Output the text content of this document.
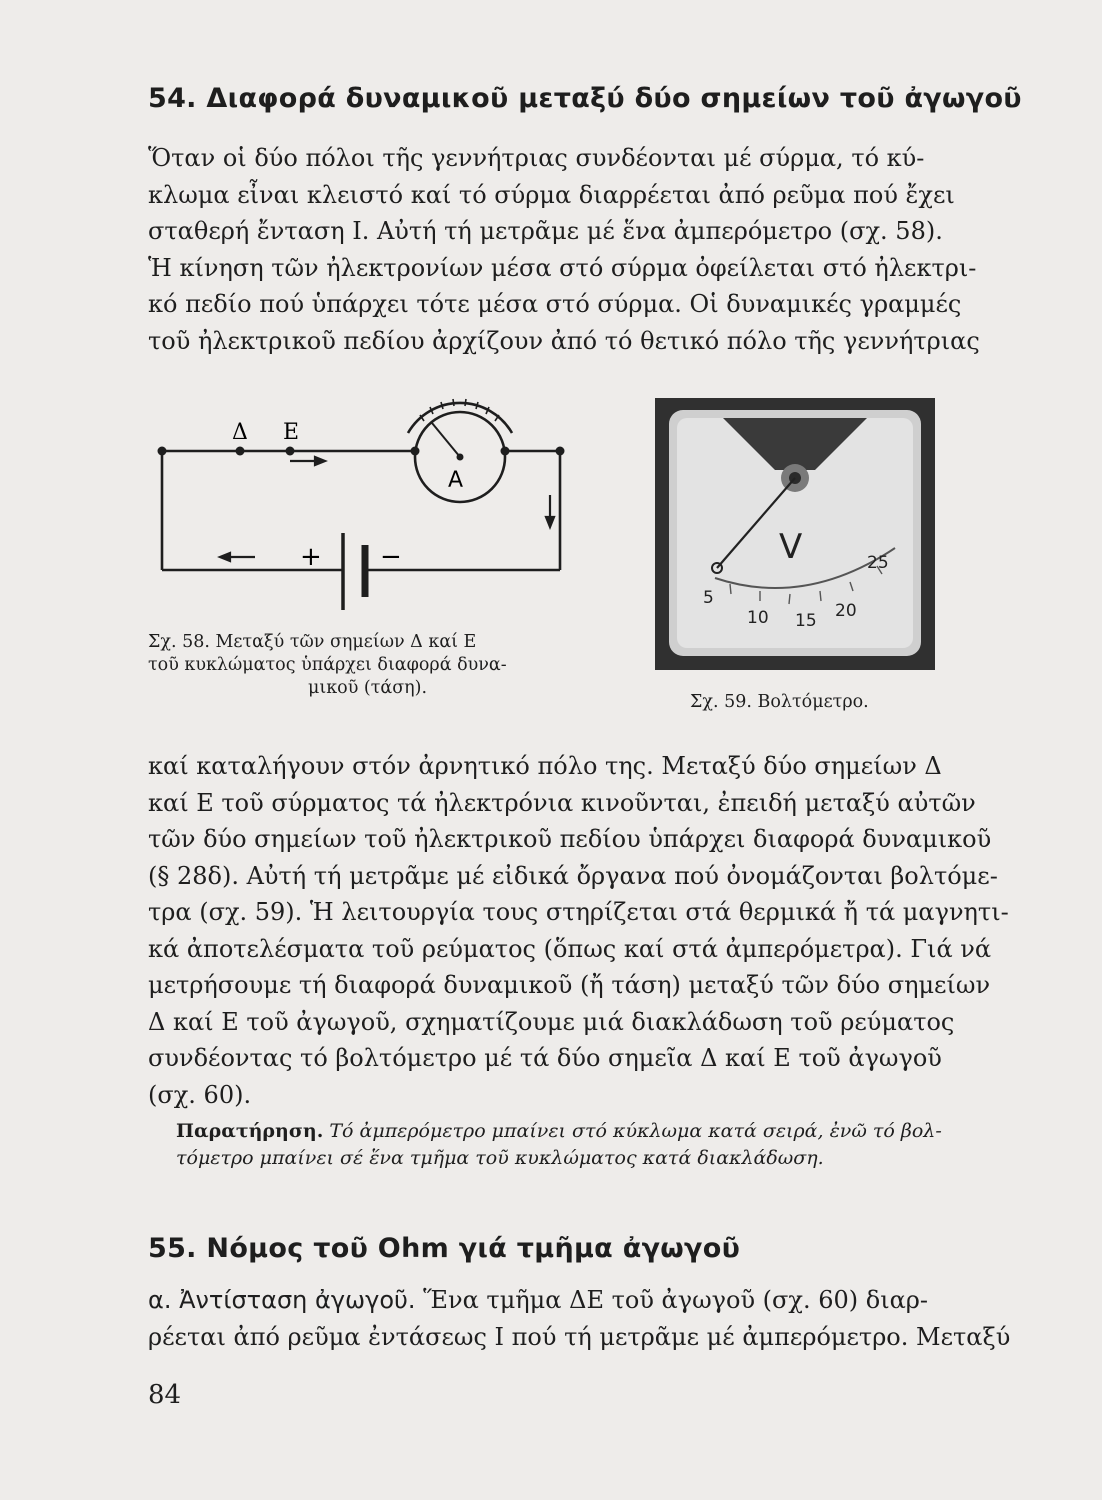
54. Διαφορά δυναμικοῦ μεταξύ δύο σημείων τοῦ ἀγωγοῦ
Ὅταν οἱ δύο πόλοι τῆς γεννήτριας συνδέονται μέ σύρμα, τό κύ-
κλωμα εἶναι κλειστό καί τό σύρμα διαρρέεται ἀπό ρεῦμα πού ἔχει
σταθερή ἔνταση Ι. Αὐτή τή μετρᾶμε μέ ἕνα ἀμπερόμετρο (σχ. 58).
Ἡ κίνηση τῶν ἠλεκτρονίων μέσα στό σύρμα ὀφείλεται στό ἠλεκτρι-
κό πεδίο πού ὑπάρχει τότε μέσα στό σύρμα. Οἱ δυναμικές γραμμές
τοῦ ἠλεκτρικοῦ πεδίου ἀρχίζουν ἀπό τό θετικό πόλο τῆς γεννήτριας
Δ Ε
Α
+ −
Σχ. 58. Μεταξύ τῶν σημείων Δ καί Ε
τοῦ κυκλώματος ὑπάρχει διαφορά δυνα-
μικοῦ (τάση).
V
5
10 15 20
25
Σχ. 59. Βολτόμετρο.
καί καταλήγουν στόν ἀρνητικό πόλο της. Μεταξύ δύο σημείων Δ
καί Ε τοῦ σύρματος τά ἠλεκτρόνια κινοῦνται, ἐπειδή μεταξύ αὐτῶν
τῶν δύο σημείων τοῦ ἠλεκτρικοῦ πεδίου ὑπάρχει διαφορά δυναμικοῦ
(§ 28δ). Αὐτή τή μετρᾶμε μέ εἰδικά ὄργανα πού ὀνομάζονται βολτόμε-
τρα (σχ. 59). Ἡ λειτουργία τους στηρίζεται στά θερμικά ἤ τά μαγνητι-
κά ἀποτελέσματα τοῦ ρεύματος (ὅπως καί στά ἀμπερόμετρα). Γιά νά
μετρήσουμε τή διαφορά δυναμικοῦ (ἤ τάση) μεταξύ τῶν δύο σημείων
Δ καί Ε τοῦ ἀγωγοῦ, σχηματίζουμε μιά διακλάδωση τοῦ ρεύματος
συνδέοντας τό βολτόμετρο μέ τά δύο σημεῖα Δ καί Ε τοῦ ἀγωγοῦ
(σχ. 60).
Παρατήρηση. Τό ἀμπερόμετρο μπαίνει στό κύκλωμα κατά σειρά, ἐνῶ τό βολ-
τόμετρο μπαίνει σέ ἕνα τμῆμα τοῦ κυκλώματος κατά διακλάδωση.
55. Νόμος τοῦ Ohm γιά τμῆμα ἀγωγοῦ
α. Ἀντίσταση ἀγωγοῦ. Ἕνα τμῆμα ΔΕ τοῦ ἀγωγοῦ (σχ. 60) διαρ-
ρέεται ἀπό ρεῦμα ἐντάσεως Ι πού τή μετρᾶμε μέ ἀμπερόμετρο. Μεταξύ
84
